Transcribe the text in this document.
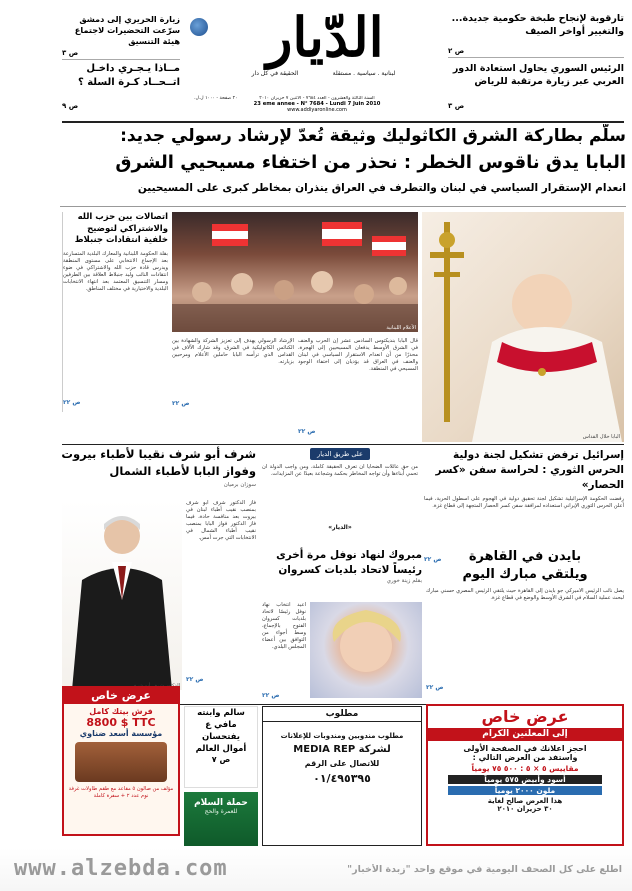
الدّيار
الحقيقة في كل دار	لبنانية . سياسية . مستقلة
السنة الثالثة والعشرون - العدد ٧٦٨٤ - الاثنين ٧ حزيران ٢٠١٠
23 eme annee - N° 7684 - Lundi 7 Juin 2010
www.addiyaronline.com
٢٠ صفحة - ١٠٠٠ ل.ل.
تارقوبة لإنجاح طبخة حكومية جديدة... والتغيير أواخر الصيف
ص ٢
الرئيس السوري يحاول استعادة الدور العربي عبر زيارة مرتقبة للرياض
ص ٣
زيارة الحريري إلى دمشق سرّعت التحضيرات لاجتماع هيئة التنسيق
ص ٣
مــاذا يـجـري داخـل اتــحــاد كـرة السلة ؟
ص ٩
سلّم بطاركة الشرق الكاثوليك وثيقة تُعدّ لإرشاد رسولي جديد:
البابا يدق ناقوس الخطر : نحذر من اختفاء مسيحيي الشرق
انعدام الإستقرار السياسي في لبنان والتطرف في العراق ينذران بمخاطر كبرى على المسيحيين
اتصالات بين حزب الله والاشتراكي لتوضيح خلفية انتقادات جنبلاط
بقلة الحكومة اللبنانية والمعارك البلدية المتسارعة بعد الإجماع الانتخابي على مستوى المنطقة ويدرس قادة حزب الله والاشتراكي في ضوء انتقادات النائب وليد جنبلاط العلاقة بين الطرفين ومسار التنسيق المعتمد بعد انتهاء الانتخابات البلدية والاختيارية في مختلف المناطق.
ص ٢٢
الأعلام اللبنانية
البابا خلال القداس
الإرشاد الرسولي يهدف إلى تعزيز الشركة والشهادة بين الكنائس الكاثوليكية في الشرق، وقد شارك الآلاف في القداس الذي ترأسه البابا حاملين الأعلام ومرحبين بزيارته.
ص ٢٢
قال البابا بنديكتوس السادس عشر إن الحرب والعنف في الشرق الأوسط يدفعان المسيحيين إلى الهجرة، محذرًا من أن انعدام الاستقرار السياسي في لبنان والعنف في العراق قد يؤديان إلى اختفاء الوجود المسيحي في المنطقة.
ص ٢٢
إسرائيل ترفض تشكيل لجنة دولية
الحرس الثوري : لحراسة سفن «كسر الحصار»
رفضت الحكومة الإسرائيلية تشكيل لجنة تحقيق دولية في الهجوم على أسطول الحرية، فيما أعلن الحرس الثوري الإيراني استعداده لمرافقة سفن كسر الحصار المتجهة إلى قطاع غزة.
ص ٢٢
على طريق الديار
من حق عائلات الضحايا أن تعرف الحقيقة كاملة، ومن واجب الدولة أن تحمي أبناءها وأن تواجه المخاطر بحكمة وشجاعة بعيدًا عن المزايدات.
«الديار»
شرف أبو شرف نقيبا لأطباء بيروت
وفواز البابا لأطباء الشمال
سوزان برميان
فاز الدكتور شرف أبو شرف بمنصب نقيب أطباء لبنان في بيروت بعد منافسة حادة، فيما فاز الدكتور فواز البابا بمنصب نقيب أطباء الشمال في الانتخابات التي جرت أمس.
ص ٢٢
مبروك لنهاد نوفل مرة أخرى
رئيساً لاتحاد بلديات كسروان
بقلم زينة خوري
أعيد انتخاب نهاد نوفل رئيسًا لاتحاد بلديات كسروان الفتوح بالإجماع، وسط أجواء من التوافق بين أعضاء المجلس البلدي.
ص ٢٢
بايدن في القاهرة
ويلتقي مبارك اليوم
يصل نائب الرئيس الأميركي جو بايدن إلى القاهرة حيث يلتقي الرئيس المصري حسني مبارك لبحث عملية السلام في الشرق الأوسط والوضع في قطاع غزة.
ص ٢٢
عرض خاص
فرش بيتك كامل
8800 $ TTC
مؤسسة أسعد ضناوي
مؤلف من صالون ٥ مقاعد مع طقم طاولات غرفة نوم عدد ٢ + سفرة كاملة
سالم وابنته
مافي ع
يفتحسان
أموال العالم
ص ٧
حملة السلام
للعمرة والحج
مطلوب
مطلوب مندوبين ومندوبات للإعلانات
لشركة MEDIA REP
للاتصال على الرقم
٠١/٤٩٥٣٩٥
عرض خاص
إلى المعلنين الكرام
احجز اعلانك في الصفحة الأولى
واستفد من العرض التالي :
مقاييس ٥ × ٥ : ٥٠٠ ٧٥ يومياً
أسود وأبيض ٥٧٥ يومياً
ملون ٢٠٠٠ يومياً
هذا العرض صالح لغاية
٣٠ حزيران ٢٠١٠
www.alzebda.com	اطلع على كل الصحف اليومية في موقع واحد "زبدة الأخبار"
